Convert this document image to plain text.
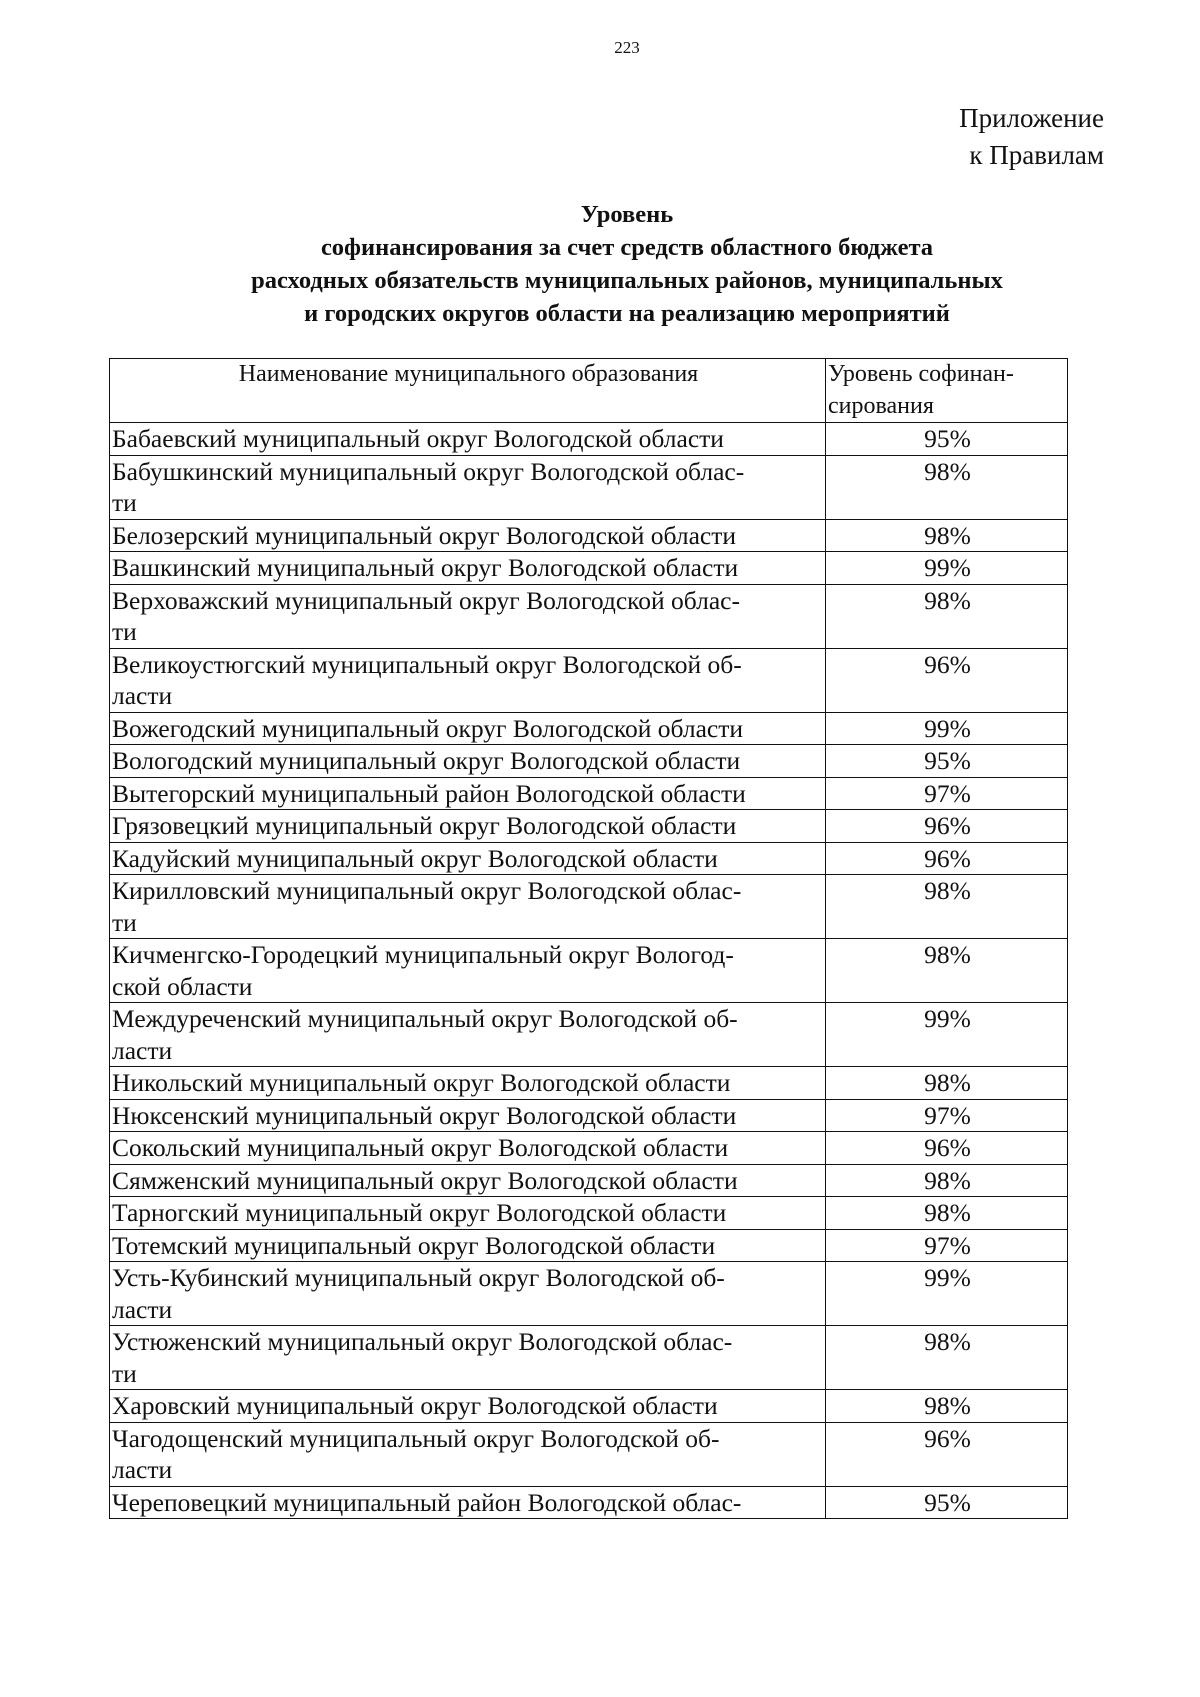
223
Приложение
к Правилам
Уровень
софинансирования за счет средств областного бюджета
расходных обязательств муниципальных районов, муниципальных
и городских округов области на реализацию мероприятий
Наименование муниципального образования	Уровень софинан-
сирования

Бабаевский муниципальный округ Вологодской области	95%

Бабушкинский муниципальный округ Вологодской облас-
ти	98%

Белозерский муниципальный округ Вологодской области	98%

Вашкинский муниципальный округ Вологодской области	99%

Верховажский муниципальный округ Вологодской облас-
ти	98%

Великоустюгский муниципальный округ Вологодской об-
ласти	96%

Вожегодский муниципальный округ Вологодской области	99%

Вологодский муниципальный округ Вологодской области	95%

Вытегорский муниципальный район Вологодской области	97%

Грязовецкий муниципальный округ Вологодской области	96%

Кадуйский муниципальный округ Вологодской области	96%

Кирилловский муниципальный округ Вологодской облас-
ти	98%

Кичменгско-Городецкий муниципальный округ Вологод-
ской области	98%

Междуреченский муниципальный округ Вологодской об-
ласти	99%

Никольский муниципальный округ Вологодской области	98%

Нюксенский муниципальный округ Вологодской области	97%

Сокольский муниципальный округ Вологодской области	96%

Сямженский муниципальный округ Вологодской области	98%

Тарногский муниципальный округ Вологодской области	98%

Тотемский муниципальный округ Вологодской области	97%

Усть-Кубинский муниципальный округ Вологодской об-
ласти	99%

Устюженский муниципальный округ Вологодской облас-
ти	98%

Харовский муниципальный округ Вологодской области	98%

Чагодощенский муниципальный округ Вологодской об-
ласти	96%

Череповецкий муниципальный район Вологодской облас-	95%
